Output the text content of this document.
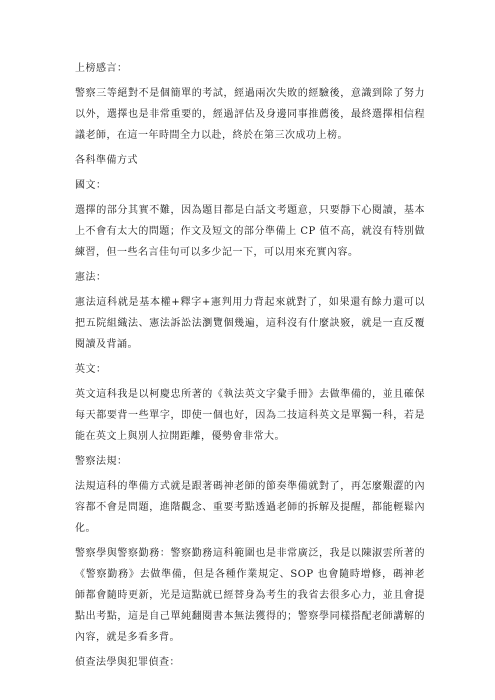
上榜感言：

警察三等絕對不是個簡單的考試，經過兩次失敗的經驗後，意識到除了努力以外，選擇也是非常重要的，經過評估及身邊同事推薦後，最終選擇相信程議老師，在這一年時間全力以赴，終於在第三次成功上榜。

各科準備方式

國文：

選擇的部分其實不難，因為題目都是白話文考題意，只要靜下心閱讀，基本上不會有太大的問題；作文及短文的部分準備上 CP 值不高，就沒有特別做練習，但一些名言佳句可以多少記一下，可以用來充實內容。

憲法：

憲法這科就是基本權+釋字+憲判用力背起來就對了，如果還有餘力還可以把五院組織法、憲法訴訟法瀏覽個幾遍，這科沒有什麼訣竅，就是一直反覆閱讀及背誦。

英文：

英文這科我是以柯慶忠所著的《執法英文字彙手冊》去做準備的，並且確保每天都要背一些單字，即使一個也好，因為二技這科英文是單獨一科，若是能在英文上與別人拉開距離，優勢會非常大。

警察法規：

法規這科的準備方式就是跟著碼神老師的節奏準備就對了，再怎麼艱澀的內容都不會是問題，進階觀念、重要考點透過老師的拆解及提醒，都能輕鬆內化。

警察學與警察勤務：警察勤務這科範圍也是非常廣泛，我是以陳淑雲所著的《警察勤務》去做準備，但是各種作業規定、SOP 也會隨時增修，碼神老師都會隨時更新，光是這點就已經替身為考生的我省去很多心力，並且會提點出考點，這是自己單純翻閱書本無法獲得的；警察學同樣搭配老師講解的內容，就是多看多背。

偵查法學與犯罪偵查：
